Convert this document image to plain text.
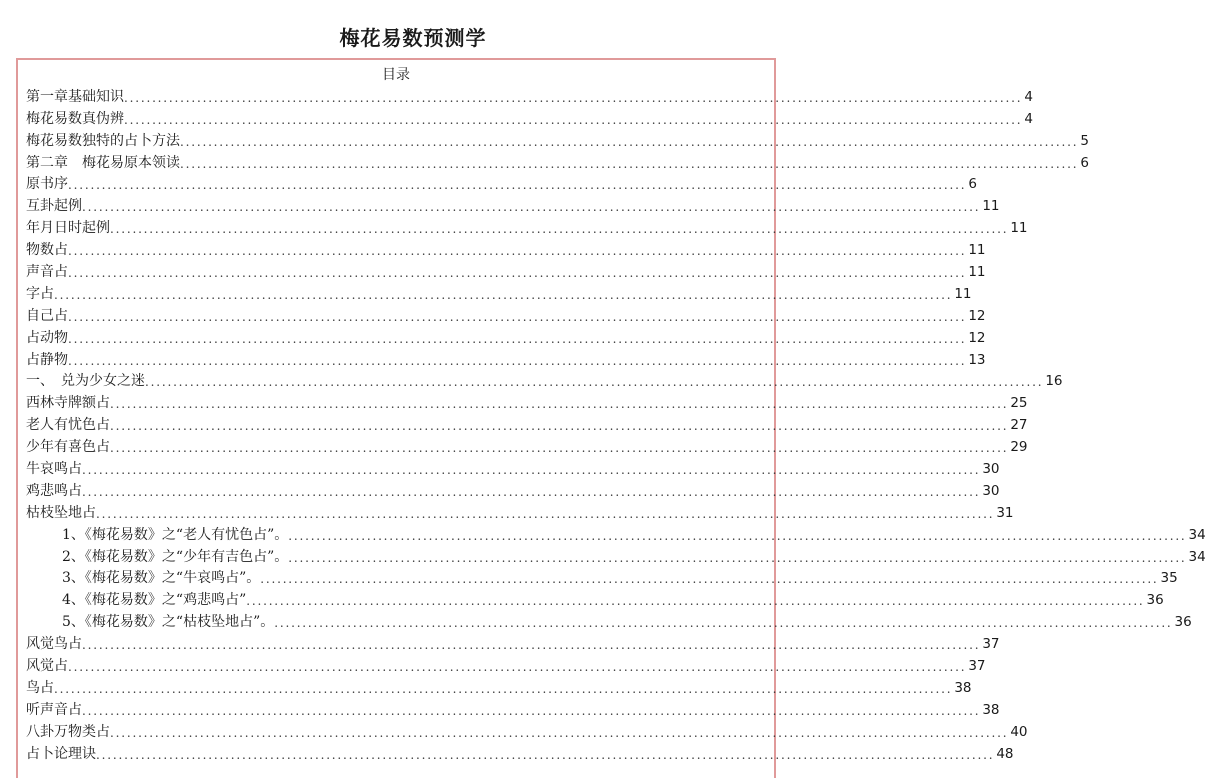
梅花易数预测学
目录
第一章 基础知识 ................................................................................................................................................................ 4
梅花易数真伪辨 ................................................................................................................................................................ 4
梅花易数独特的占卜方法 ................................................................................................................................................................ 5
第二章　梅花易原本领读 ................................................................................................................................................................ 6
原书序 ................................................................................................................................................................ 6
互卦起例 ................................................................................................................................................................ 11
年月日时起例 ................................................................................................................................................................ 11
物数占 ................................................................................................................................................................ 11
声音占 ................................................................................................................................................................ 11
字占 ................................................................................................................................................................ 11
自己占 ................................................................................................................................................................ 12
占动物 ................................................................................................................................................................ 12
占静物 ................................................................................................................................................................ 13
一、　兑为少女之迷 ................................................................................................................................................................ 16
西林寺牌额占 ................................................................................................................................................................ 25
老人有忧色占 ................................................................................................................................................................ 27
少年有喜色占 ................................................................................................................................................................ 29
牛哀鸣占 ................................................................................................................................................................ 30
鸡悲鸣占 ................................................................................................................................................................ 30
枯枝坠地占 ................................................................................................................................................................ 31
1、《梅花易数》之“老人有忧色占”。 ................................................................................................................................................................ 34
2、《梅花易数》之“少年有吉色占”。 ................................................................................................................................................................ 34
3、《梅花易数》之“牛哀鸣占”。 ................................................................................................................................................................ 35
4、《梅花易数》之“鸡悲鸣占” ................................................................................................................................................................ 36
5、《梅花易数》之“枯枝坠地占”。 ................................................................................................................................................................ 36
风觉鸟占 ................................................................................................................................................................ 37
风觉占 ................................................................................................................................................................ 37
鸟占 ................................................................................................................................................................ 38
听声音占 ................................................................................................................................................................ 38
八卦万物类占 ................................................................................................................................................................ 40
占卜论理诀 ................................................................................................................................................................ 48
